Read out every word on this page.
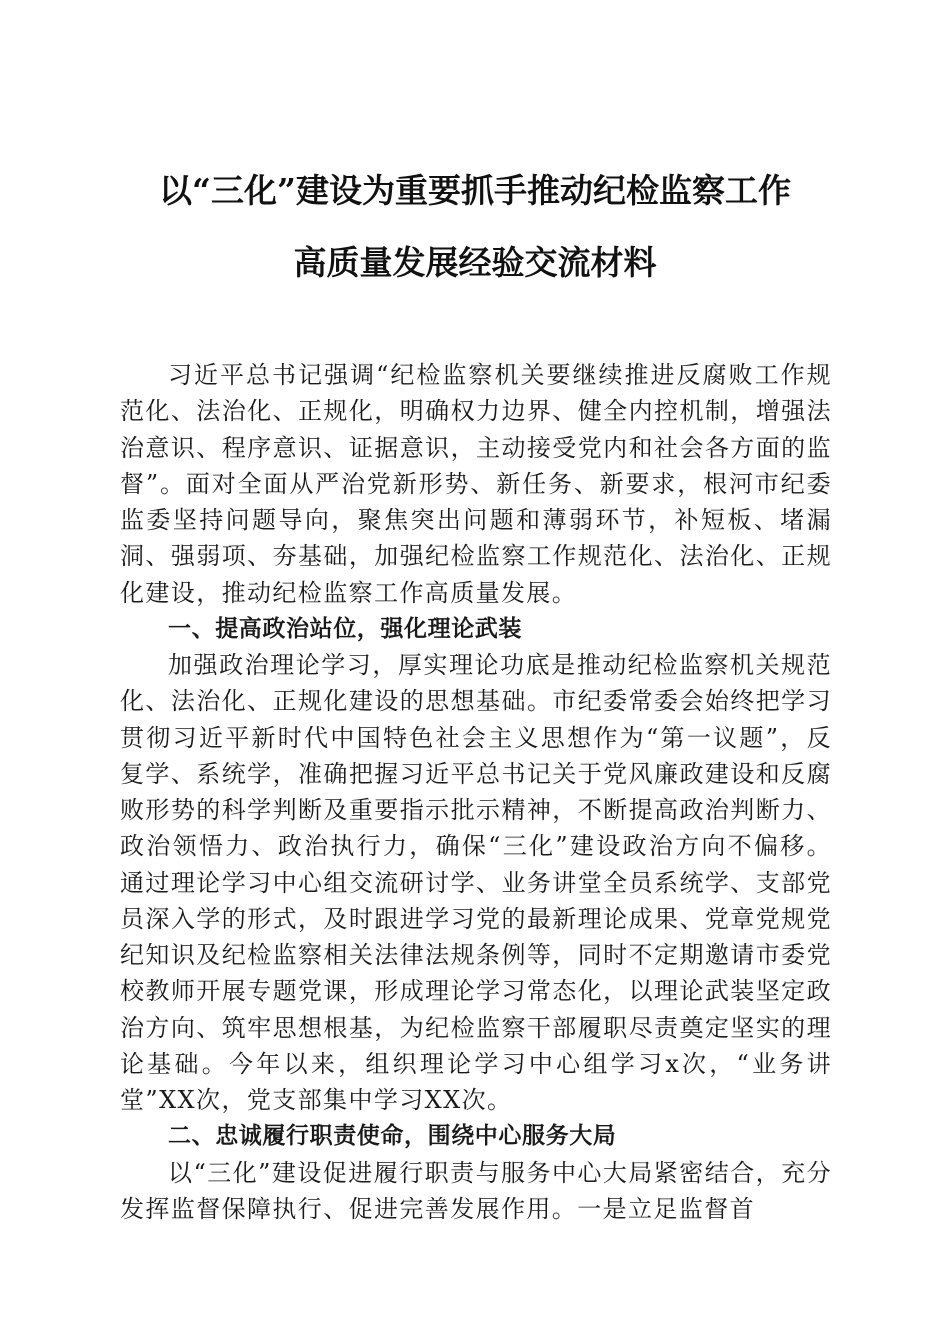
以“三化”建设为重要抓手推动纪检监察工作
高质量发展经验交流材料

习近平总书记强调“纪检监察机关要继续推进反腐败工作规范化、法治化、正规化，明确权力边界、健全内控机制，增强法治意识、程序意识、证据意识，主动接受党内和社会各方面的监督”。面对全面从严治党新形势、新任务、新要求，根河市纪委监委坚持问题导向，聚焦突出问题和薄弱环节，补短板、堵漏洞、强弱项、夯基础，加强纪检监察工作规范化、法治化、正规化建设，推动纪检监察工作高质量发展。

一、提高政治站位，强化理论武装

加强政治理论学习，厚实理论功底是推动纪检监察机关规范化、法治化、正规化建设的思想基础。市纪委常委会始终把学习贯彻习近平新时代中国特色社会主义思想作为“第一议题”，反复学、系统学，准确把握习近平总书记关于党风廉政建设和反腐败形势的科学判断及重要指示批示精神，不断提高政治判断力、政治领悟力、政治执行力，确保“三化”建设政治方向不偏移。通过理论学习中心组交流研讨学、业务讲堂全员系统学、支部党员深入学的形式，及时跟进学习党的最新理论成果、党章党规党纪知识及纪检监察相关法律法规条例等，同时不定期邀请市委党校教师开展专题党课，形成理论学习常态化，以理论武装坚定政治方向、筑牢思想根基，为纪检监察干部履职尽责奠定坚实的理论基础。今年以来，组织理论学习中心组学习x次，“业务讲堂”XX次，党支部集中学习XX次。

二、忠诚履行职责使命，围绕中心服务大局

以“三化”建设促进履行职责与服务中心大局紧密结合，充分发挥监督保障执行、促进完善发展作用。一是立足监督首
